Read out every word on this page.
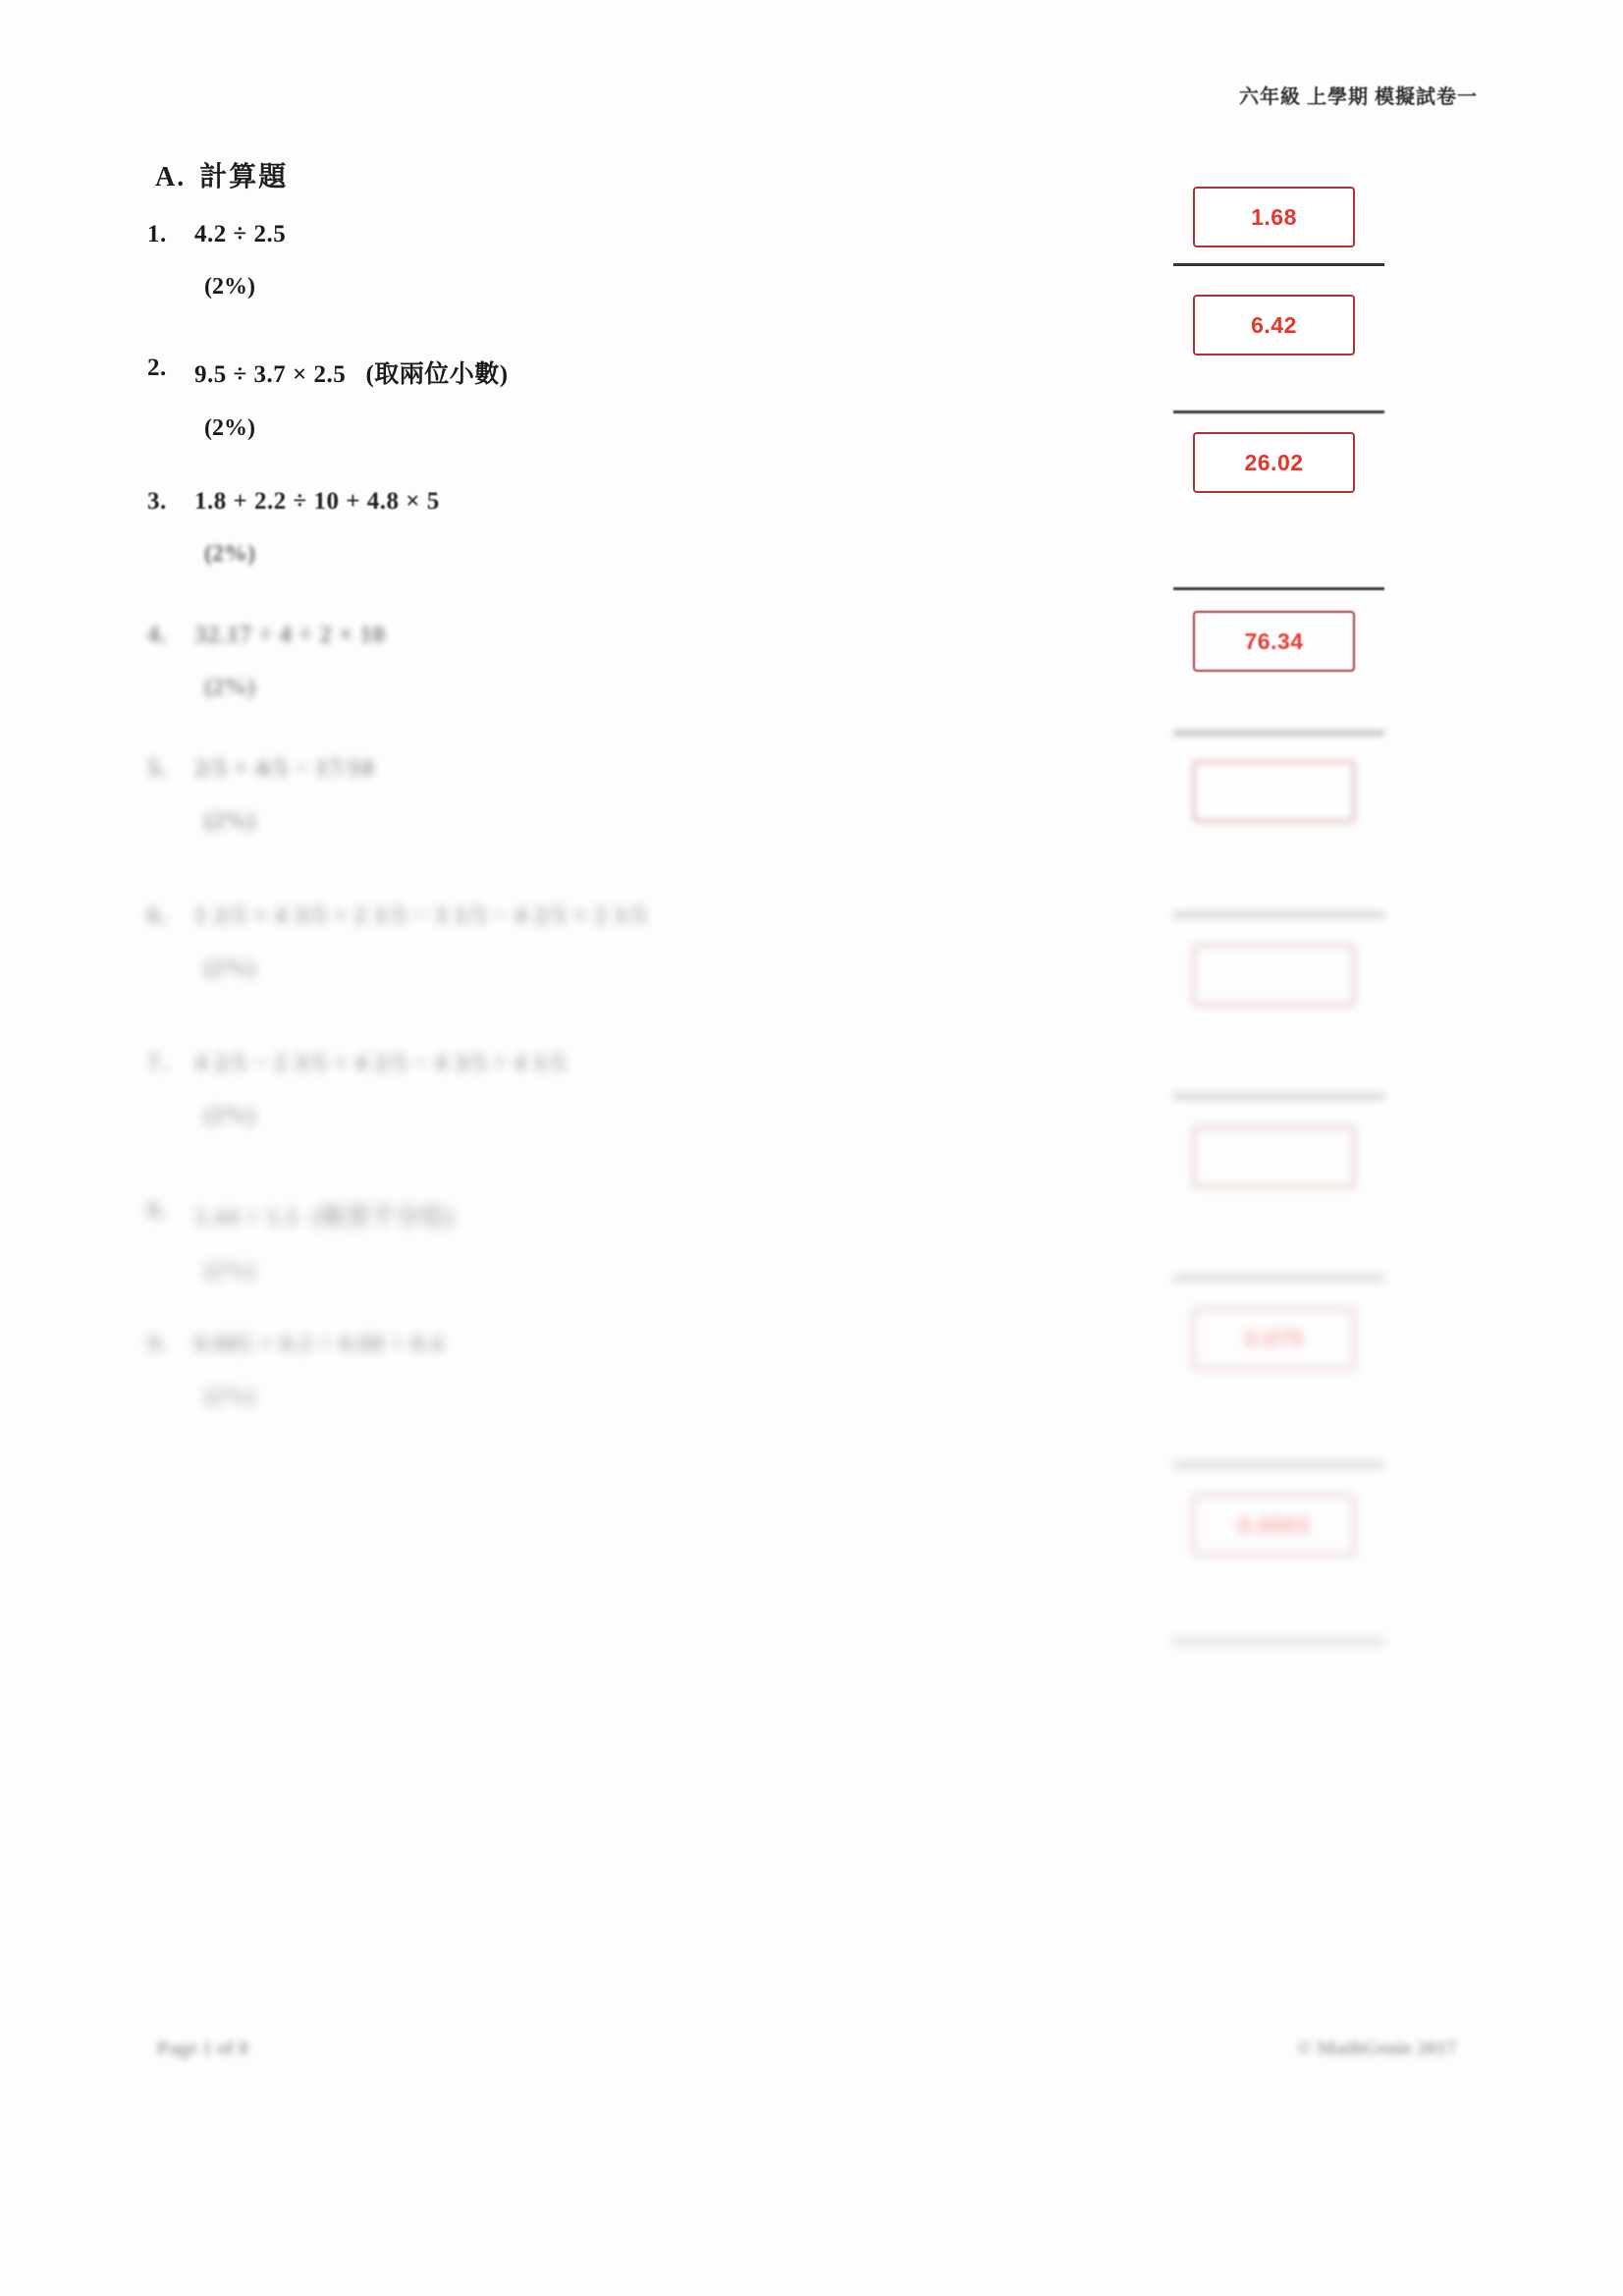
六年級 上學期 模擬試卷一
A. 計算題
1.	4.2 ÷ 2.5
(2%)
2.	9.5 ÷ 3.7 × 2.5   (取兩位小數)
(2%)
3.	1.8 + 2.2 ÷ 10 + 4.8 × 5
(2%)
4.	32.17 ÷ 4 ÷ 2 × 10
(2%)
5.	2/5 + 4/5 − 17/10
(2%)
6.	1 2/5 + 4 3/5 + 2 1/5 − 3 1/5 − 4 2/5 × 2 1/5
(2%)
7.	4 2/5 − 2 3/5 + 4 2/5 − 4 3/5 ÷ 4 1/5
(2%)
8.	1.44 ÷ 1.5  (取至千分位)
(2%)
9.	0.005 × 0.2 ÷ 0.08 ÷ 0.4
(2%)
1.68
6.42
26.02
76.34
0.075
0.0003
Page 1 of 8	© MathGenie 2017
